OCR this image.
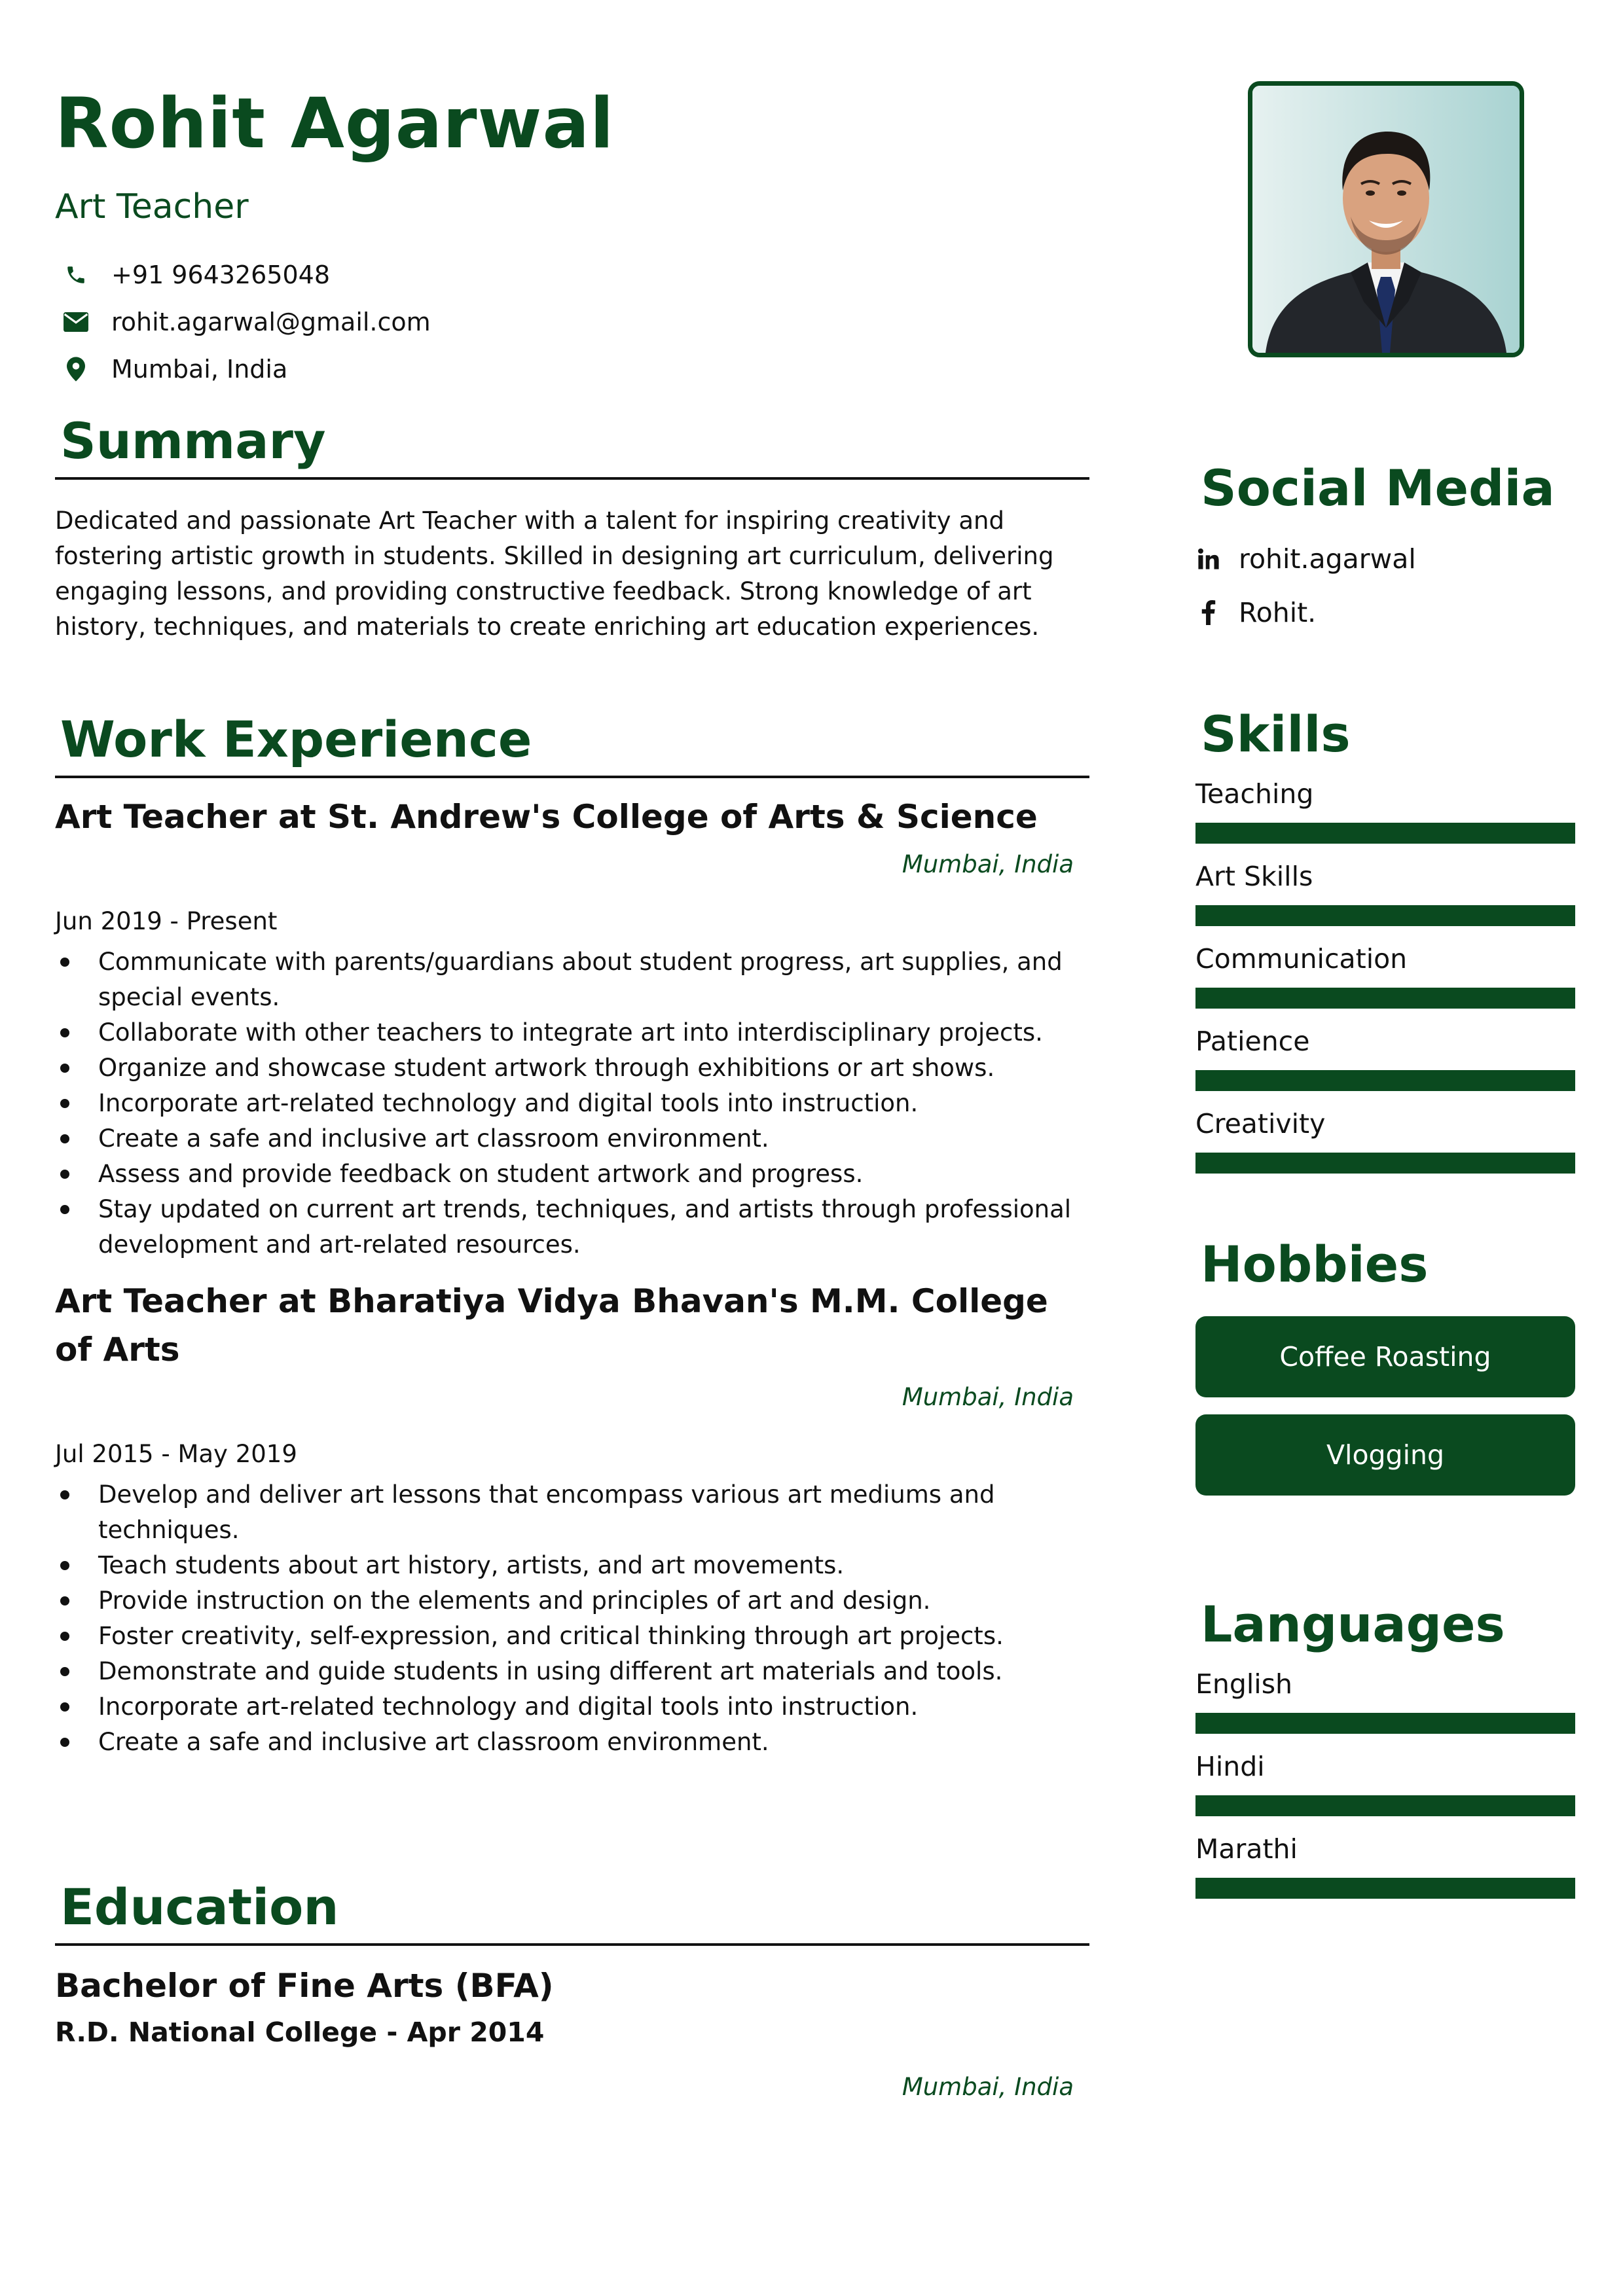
Rohit Agarwal
Art Teacher
+91 9643265048
rohit.agarwal@gmail.com
Mumbai, India
Summary

Dedicated and passionate Art Teacher with a talent for inspiring creativity and fostering artistic growth in students. Skilled in designing art curriculum, delivering engaging lessons, and providing constructive feedback. Strong knowledge of art history, techniques, and materials to create enriching art education experiences.

Work Experience
Art Teacher at St. Andrew's College of Arts & Science
Mumbai, India
Jun 2019 - Present
Communicate with parents/guardians about student progress, art supplies, and special events.
Collaborate with other teachers to integrate art into interdisciplinary projects.
Organize and showcase student artwork through exhibitions or art shows.
Incorporate art-related technology and digital tools into instruction.
Create a safe and inclusive art classroom environment.
Assess and provide feedback on student artwork and progress.
Stay updated on current art trends, techniques, and artists through professional development and art-related resources.
Art Teacher at Bharatiya Vidya Bhavan's M.M. College of Arts
Mumbai, India
Jul 2015 - May 2019
Develop and deliver art lessons that encompass various art mediums and techniques.
Teach students about art history, artists, and art movements.
Provide instruction on the elements and principles of art and design.
Foster creativity, self-expression, and critical thinking through art projects.
Demonstrate and guide students in using different art materials and tools.
Incorporate art-related technology and digital tools into instruction.
Create a safe and inclusive art classroom environment.
Education
Bachelor of Fine Arts (BFA)
R.D. National College - Apr 2014
Mumbai, India
Social Media
rohit.agarwal
Rohit.
Skills
Teaching
Art Skills
Communication
Patience
Creativity
Hobbies
Coffee Roasting
Vlogging
Languages
English
Hindi
Marathi
